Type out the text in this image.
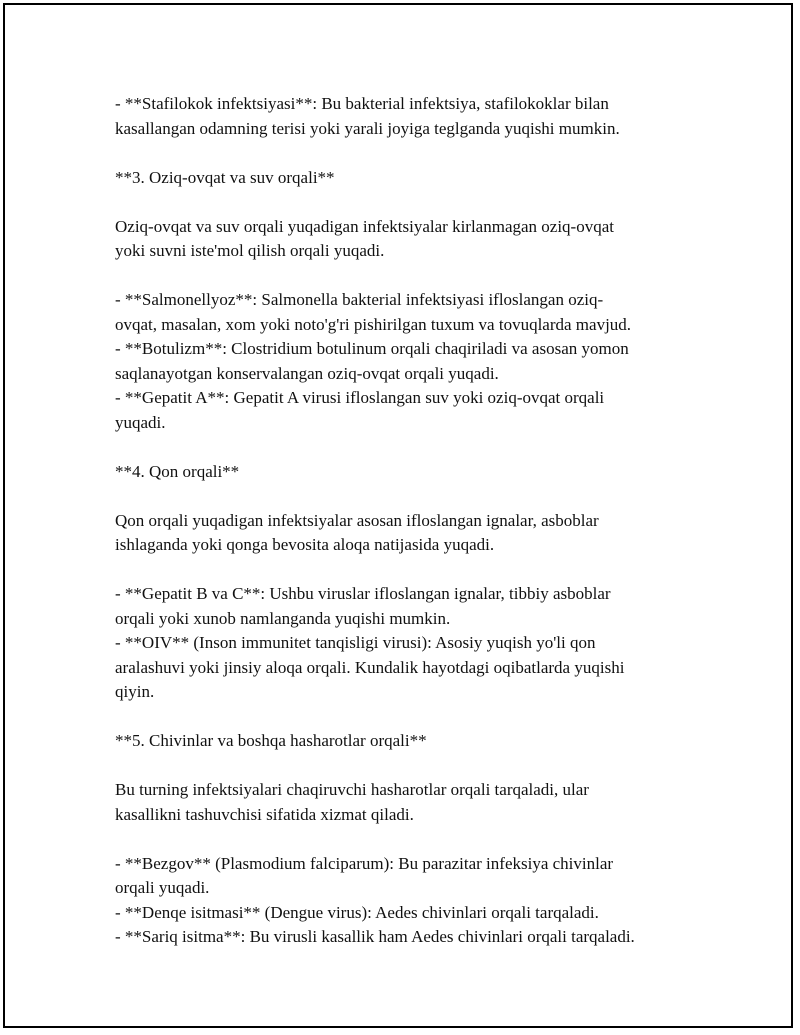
- **Stafilokok infektsiyasi**: Bu bakterial infektsiya, stafilokoklar bilan
kasallangan odamning terisi yoki yarali joyiga teglganda yuqishi mumkin.
**3. Oziq-ovqat va suv orqali**
Oziq-ovqat va suv orqali yuqadigan infektsiyalar kirlanmagan oziq-ovqat
yoki suvni iste'mol qilish orqali yuqadi.
- **Salmonellyoz**: Salmonella bakterial infektsiyasi ifloslangan oziq-
ovqat, masalan, xom yoki noto'g'ri pishirilgan tuxum va tovuqlarda mavjud.
- **Botulizm**: Clostridium botulinum orqali chaqiriladi va asosan yomon
saqlanayotgan konservalangan oziq-ovqat orqali yuqadi.
- **Gepatit A**: Gepatit A virusi ifloslangan suv yoki oziq-ovqat orqali
yuqadi.
**4. Qon orqali**
Qon orqali yuqadigan infektsiyalar asosan ifloslangan ignalar, asboblar
ishlaganda yoki qonga bevosita aloqa natijasida yuqadi.
- **Gepatit B va C**: Ushbu viruslar ifloslangan ignalar, tibbiy asboblar
orqali yoki xunob namlanganda yuqishi mumkin.
- **OIV** (Inson immunitet tanqisligi virusi): Asosiy yuqish yo'li qon
aralashuvi yoki jinsiy aloqa orqali. Kundalik hayotdagi oqibatlarda yuqishi
qiyin.
**5. Chivinlar va boshqa hasharotlar orqali**
Bu turning infektsiyalari chaqiruvchi hasharotlar orqali tarqaladi, ular
kasallikni tashuvchisi sifatida xizmat qiladi.
- **Bezgov** (Plasmodium falciparum): Bu parazitar infeksiya chivinlar
orqali yuqadi.
- **Denqe isitmasi** (Dengue virus): Aedes chivinlari orqali tarqaladi.
- **Sariq isitma**: Bu virusli kasallik ham Aedes chivinlari orqali tarqaladi.
